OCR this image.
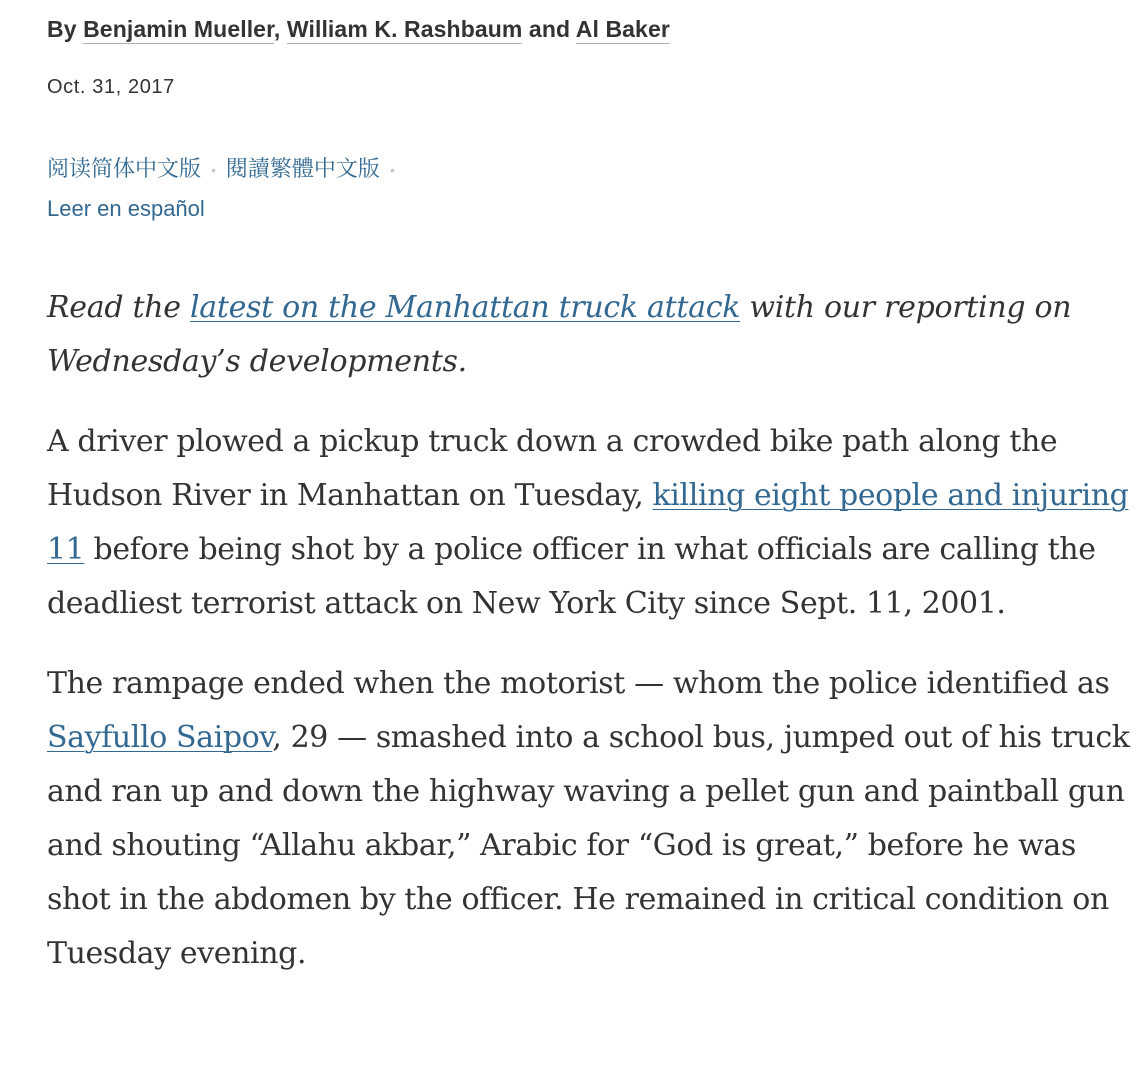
By Benjamin Mueller, William K. Rashbaum and Al Baker
Oct. 31, 2017
阅读简体中文版 • 閱讀繁體中文版 •
Leer en español

Read the latest on the Manhattan truck attack with our reporting on Wednesday’s developments.

A driver plowed a pickup truck down a crowded bike path along the Hudson River in Manhattan on Tuesday, killing eight people and injuring 11 before being shot by a police officer in what officials are calling the deadliest terrorist attack on New York City since Sept. 11, 2001.

The rampage ended when the motorist — whom the police identified as Sayfullo Saipov, 29 — smashed into a school bus, jumped out of his truck and ran up and down the highway waving a pellet gun and paintball gun and shouting “Allahu akbar,” Arabic for “God is great,” before he was shot in the abdomen by the officer. He remained in critical condition on Tuesday evening.
